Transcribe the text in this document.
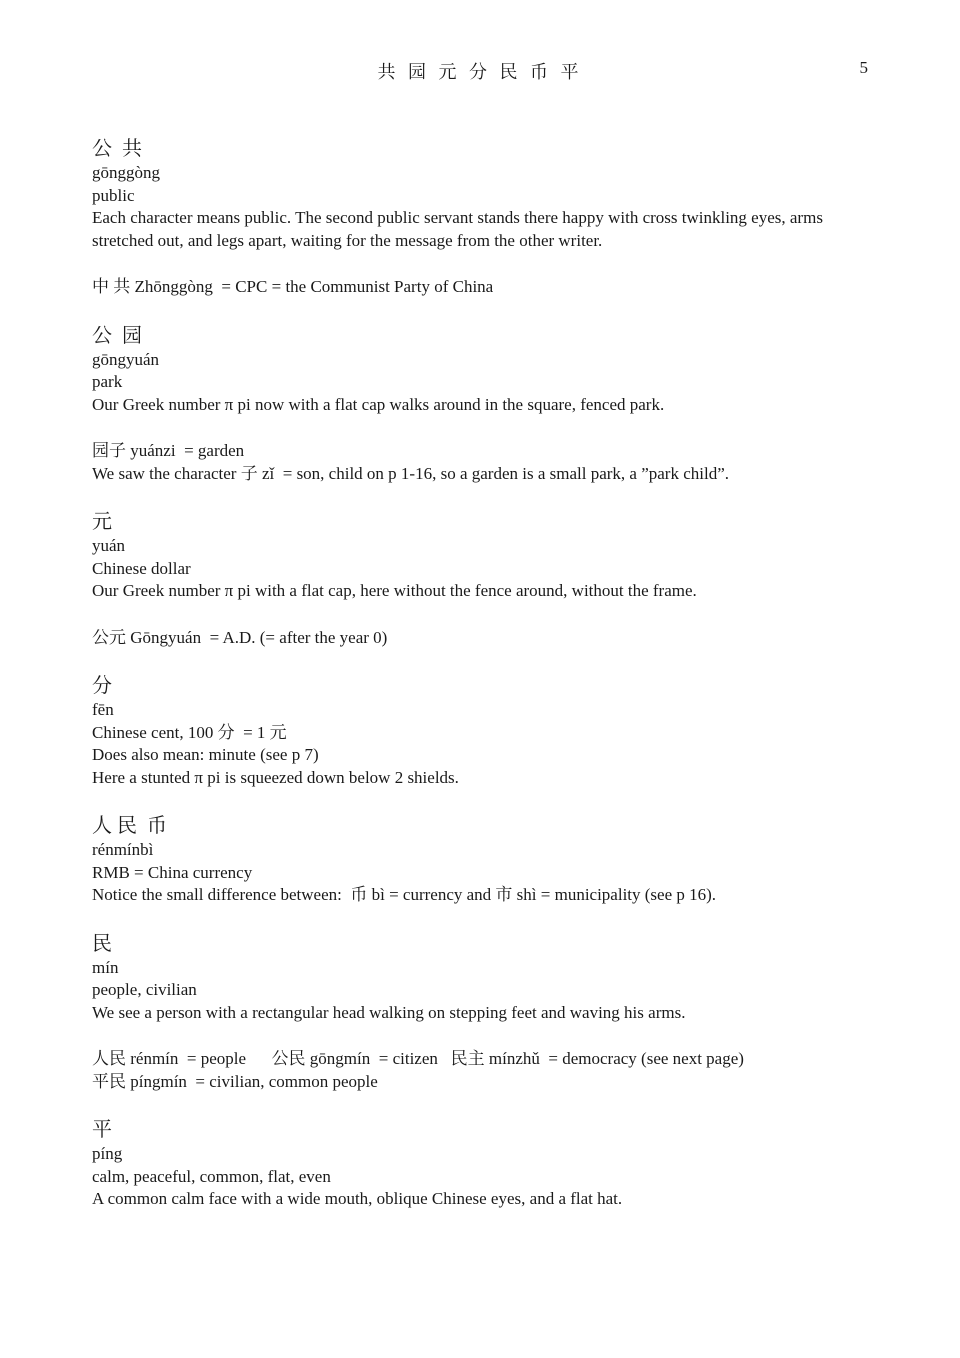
共 园 元 分 民 币 平	5
公  共
gōnggòng
public
Each character means public. The second public servant stands there happy with cross twinkling eyes, arms stretched out, and legs apart, waiting for the message from the other writer.
中 共 Zhōnggòng  = CPC = the Communist Party of China
公  园
gōngyuán
park
Our Greek number π pi now with a flat cap walks around in the square, fenced park.
园子 yuánzi  = garden
We saw the character 子 zǐ  = son, child on p 1-16, so a garden is a small park, a ”park child”.
元
yuán
Chinese dollar
Our Greek number π pi with a flat cap, here without the fence around, without the frame.
公元 Gōngyuán  = A.D. (= after the year 0)
分
fēn
Chinese cent, 100 分  = 1 元
Does also mean: minute (see p 7)
Here a stunted π pi is squeezed down below 2 shields.
人 民  币
rénmínbì
RMB = China currency
Notice the small difference between:  币 bì = currency and 市 shì = municipality (see p 16).
民
mín
people, civilian
We see a person with a rectangular head walking on stepping feet and waving his arms.
人民 rénmín  = people      公民 gōngmín  = citizen   民主 mínzhǔ  = democracy (see next page)
平民 píngmín  = civilian, common people
平
píng
calm, peaceful, common, flat, even
A common calm face with a wide mouth, oblique Chinese eyes, and a flat hat.
